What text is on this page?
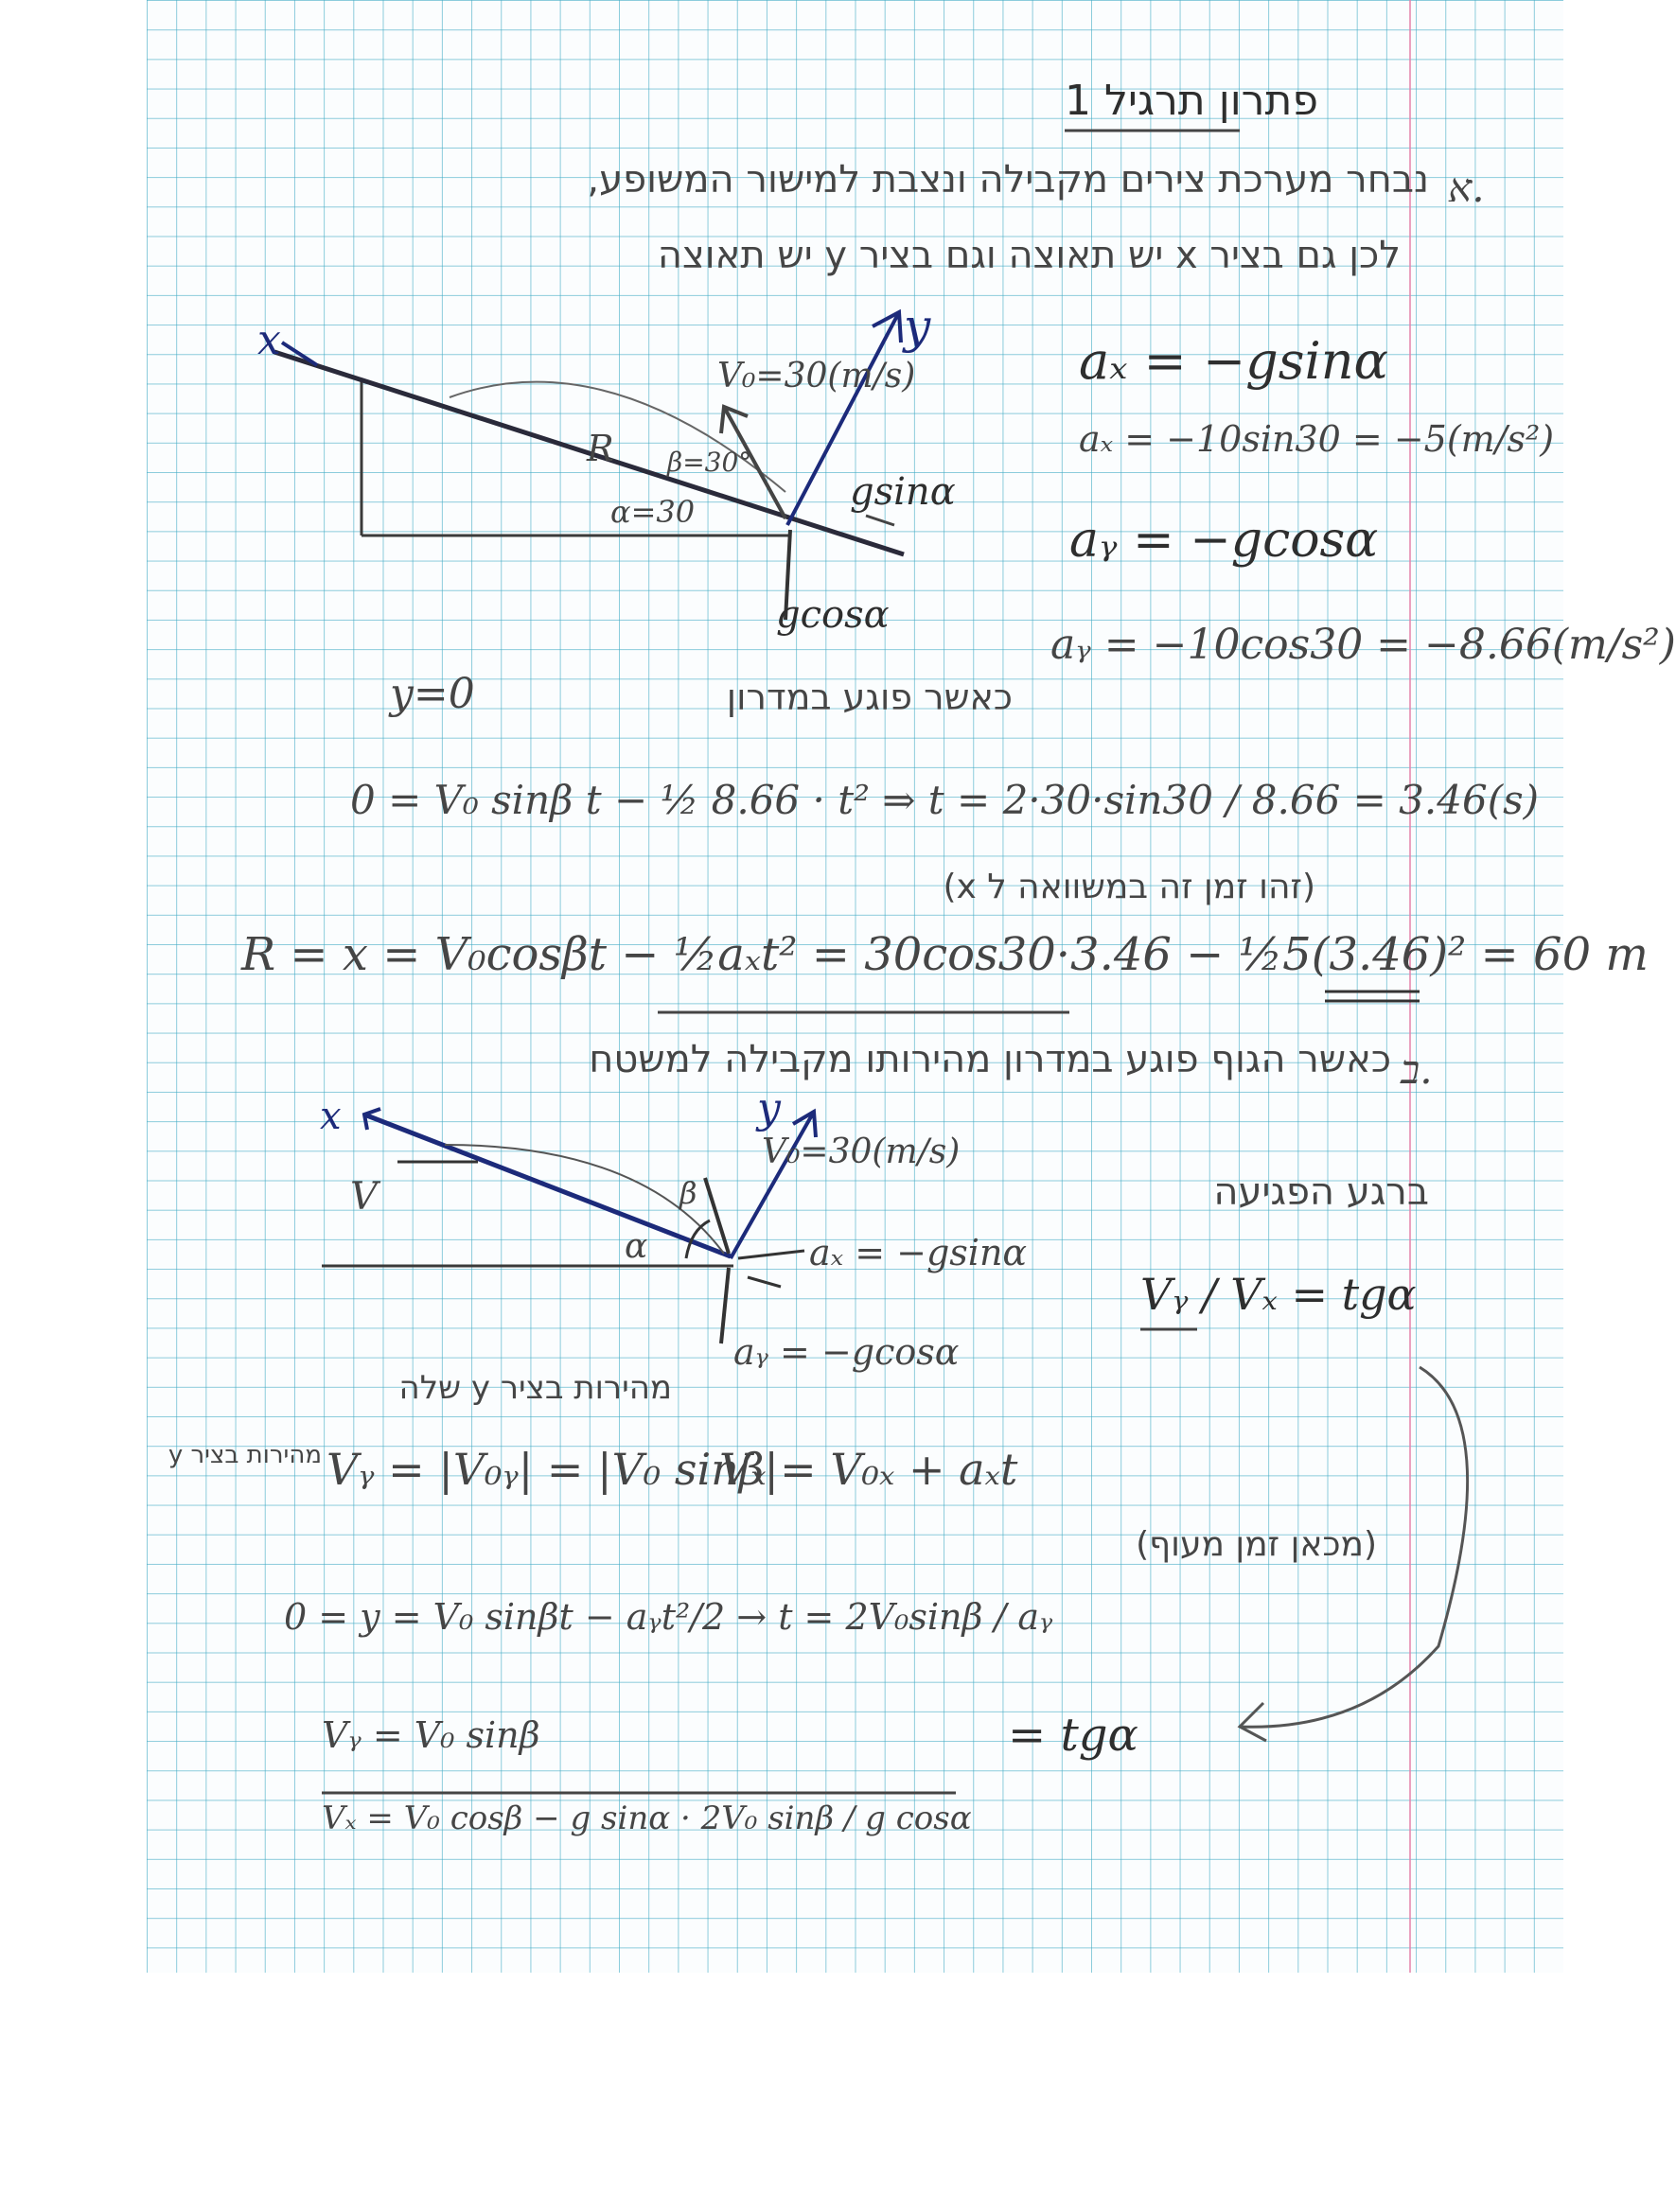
פתרון תרגיל 1
א.
נבחר מערכת צירים מקבילה ונצבת למישור המשופע,
לכן גם בציר x יש תאוצה וגם בציר y יש תאוצה
x	y
V₀=30(m/s)
β=30°
α=30
R
gsinα
gcosα
aₓ = −gsinα
aₓ = −10sin30 = −5(m/s²)
aᵧ = −gcosα
aᵧ = −10cos30 = −8.66(m/s²)
y=0	כאשר פוגע במדרון
0 = V₀ sinβ t − ½ 8.66 · t² ⇒ t = 2·30·sin30 / 8.66 = 3.46(s)
(זהו זמן זה במשוואה ל x)
R = x = V₀cosβt − ½aₓt² = 30cos30·3.46 − ½5(3.46)² = 60 m
ב.
כאשר הגוף פוגע במדרון מהירותו מקבילה למשטח
ברגע הפגיעה
x	y
V
V₀=30(m/s)
β
α	aₓ = −gsinα
aᵧ = −gcosα
Vᵧ / Vₓ = tgα
מהירות בציר y שלה
מהירות בציר y Vᵧ = |V₀ᵧ| = |V₀ sinβ|
Vₓ = V₀ₓ + aₓt
0 = y = V₀ sinβt − aᵧt²/2 → t = 2V₀sinβ / aᵧ
(מכאן זמן מעוף)
Vᵧ = V₀ sinβ
Vₓ = V₀ cosβ − g sinα · 2V₀ sinβ / g cosα
= tgα
